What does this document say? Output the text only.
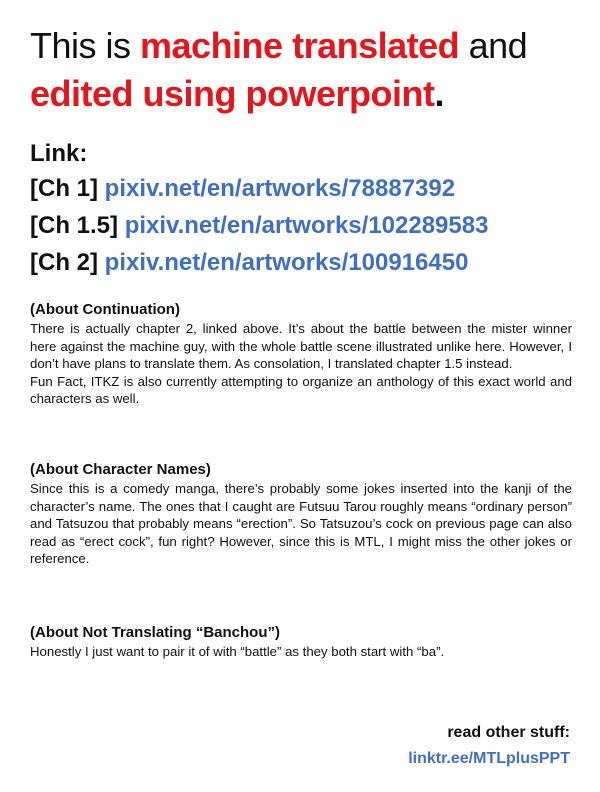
This is machine translated and
edited using powerpoint.
Link:
[Ch 1] pixiv.net/en/artworks/78887392
[Ch 1.5] pixiv.net/en/artworks/102289583
[Ch 2] pixiv.net/en/artworks/100916450
(About Continuation)

There is actually chapter 2, linked above. It’s about the battle between the mister winner here against the machine guy, with the whole battle scene illustrated unlike here. However, I don’t have plans to translate them. As consolation, I translated chapter 1.5 instead.

Fun Fact, ITKZ is also currently attempting to organize an anthology of this exact world and characters as well.

(About Character Names)

Since this is a comedy manga, there’s probably some jokes inserted into the kanji of the character’s name. The ones that I caught are Futsuu Tarou roughly means “ordinary person” and Tatsuzou that probably means “erection”. So Tatsuzou’s cock on previous page can also read as “erect cock”, fun right? However, since this is MTL, I might miss the other jokes or reference.

(About Not Translating “Banchou”)

Honestly I just want to pair it of with “battle” as they both start with “ba”.

read other stuff:
linktr.ee/MTLplusPPT
